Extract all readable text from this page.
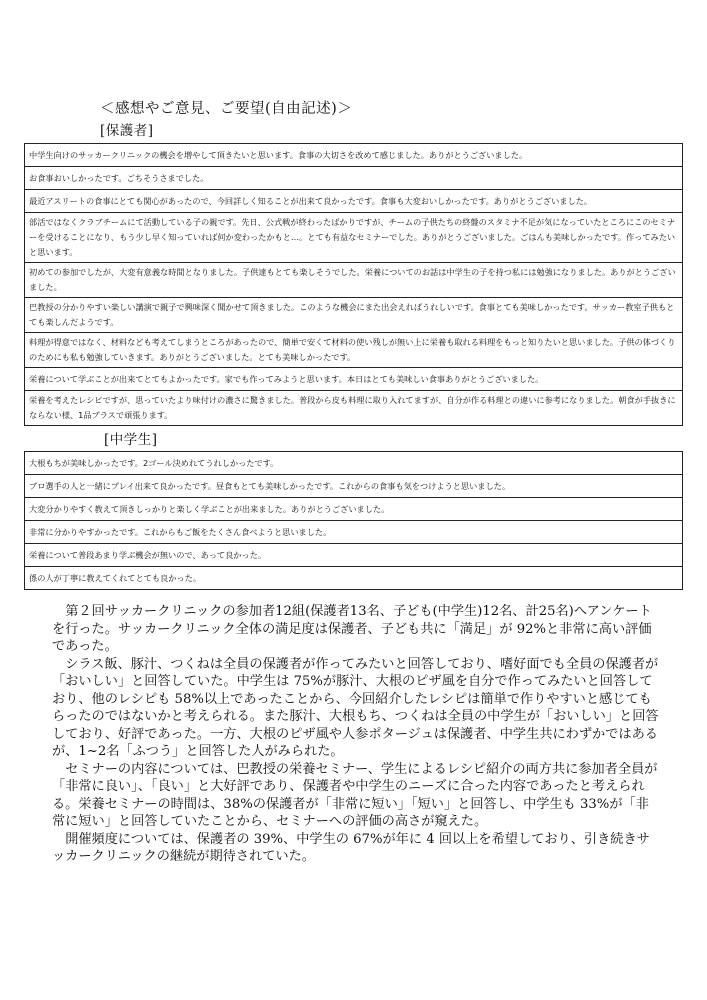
＜感想やご意見、ご要望(自由記述)＞
[保護者]
中学生向けのサッカークリニックの機会を増やして頂きたいと思います。食事の大切さを改めて感じました。ありがとうございました。
お食事おいしかったです。ごちそうさまでした。
最近アスリートの食事にとても関心があったので、今回詳しく知ることが出来て良かったです。食事も大変おいしかったです。ありがとうございました。
部活ではなくクラブチームにて活動している子の親です。先日、公式戦が終わったばかりですが、チームの子供たちの終盤のスタミナ不足が気になっていたところにこのセミナーを受けることになり、もう少し早く知っていれば何か変わったかもと…。とても有益なセミナーでした。ありがとうございました。ごはんも美味しかったです。作ってみたいと思います。
初めての参加でしたが、大変有意義な時間となりました。子供達もとても楽しそうでした。栄養についてのお話は中学生の子を持つ私には勉強になりました。ありがとうございました。
巴教授の分かりやすい楽しい講演で親子で興味深く聞かせて頂きました。このような機会にまた出会えればうれしいです。食事とても美味しかったです。サッカー教室子供もとても楽しんだようです。
料理が得意ではなく、材料なども考えてしまうところがあったので、簡単で安くて材料の使い残しが無い上に栄養も取れる料理をもっと知りたいと思いました。子供の体づくりのためにも私も勉強していきます。ありがとうございました。とても美味しかったです。
栄養について学ぶことが出来てとてもよかったです。家でも作ってみようと思います。本日はとても美味しい食事ありがとうございました。
栄養を考えたレシピですが、思っていたより味付けの濃さに驚きました。普段から皮も料理に取り入れてますが、自分が作る料理との違いに参考になりました。朝食が手抜きにならない様、1品プラスで頑張ります。
[中学生]
大根もちが美味しかったです。2ゴール決めれてうれしかったです。
プロ選手の人と一緒にプレイ出来て良かったです。昼食もとても美味しかったです。これからの食事も気をつけようと思いました。
大変分かりやすく教えて頂きしっかりと楽しく学ぶことが出来ました。ありがとうございました。
非常に分かりやすかったです。これからもご飯をたくさん食べようと思いました。
栄養について普段あまり学ぶ機会が無いので、あって良かった。
係の人が丁寧に教えてくれてとても良かった。

第２回サッカークリニックの参加者12組(保護者13名、子ども(中学生)12名、計25名)へアンケートを行った。サッカークリニック全体の満足度は保護者、子ども共に「満足」が 92%と非常に高い評価であった。

シラス飯、豚汁、つくねは全員の保護者が作ってみたいと回答しており、嗜好面でも全員の保護者が「おいしい」と回答していた。中学生は 75%が豚汁、大根のピザ風を自分で作ってみたいと回答しており、他のレシピも 58%以上であったことから、今回紹介したレシピは簡単で作りやすいと感じてもらったのではないかと考えられる。また豚汁、大根もち、つくねは全員の中学生が「おいしい」と回答しており、好評であった。一方、大根のピザ風や人参ポタージュは保護者、中学生共にわずかではあるが、1~2名「ふつう」と回答した人がみられた。

セミナーの内容については、巴教授の栄養セミナー、学生によるレシピ紹介の両方共に参加者全員が「非常に良い」、「良い」と大好評であり、保護者や中学生のニーズに合った内容であったと考えられる。栄養セミナーの時間は、38%の保護者が「非常に短い」「短い」と回答し、中学生も 33%が「非常に短い」と回答していたことから、セミナーへの評価の高さが窺えた。

開催頻度については、保護者の 39%、中学生の 67%が年に 4 回以上を希望しており、引き続きサッカークリニックの継続が期待されていた。
